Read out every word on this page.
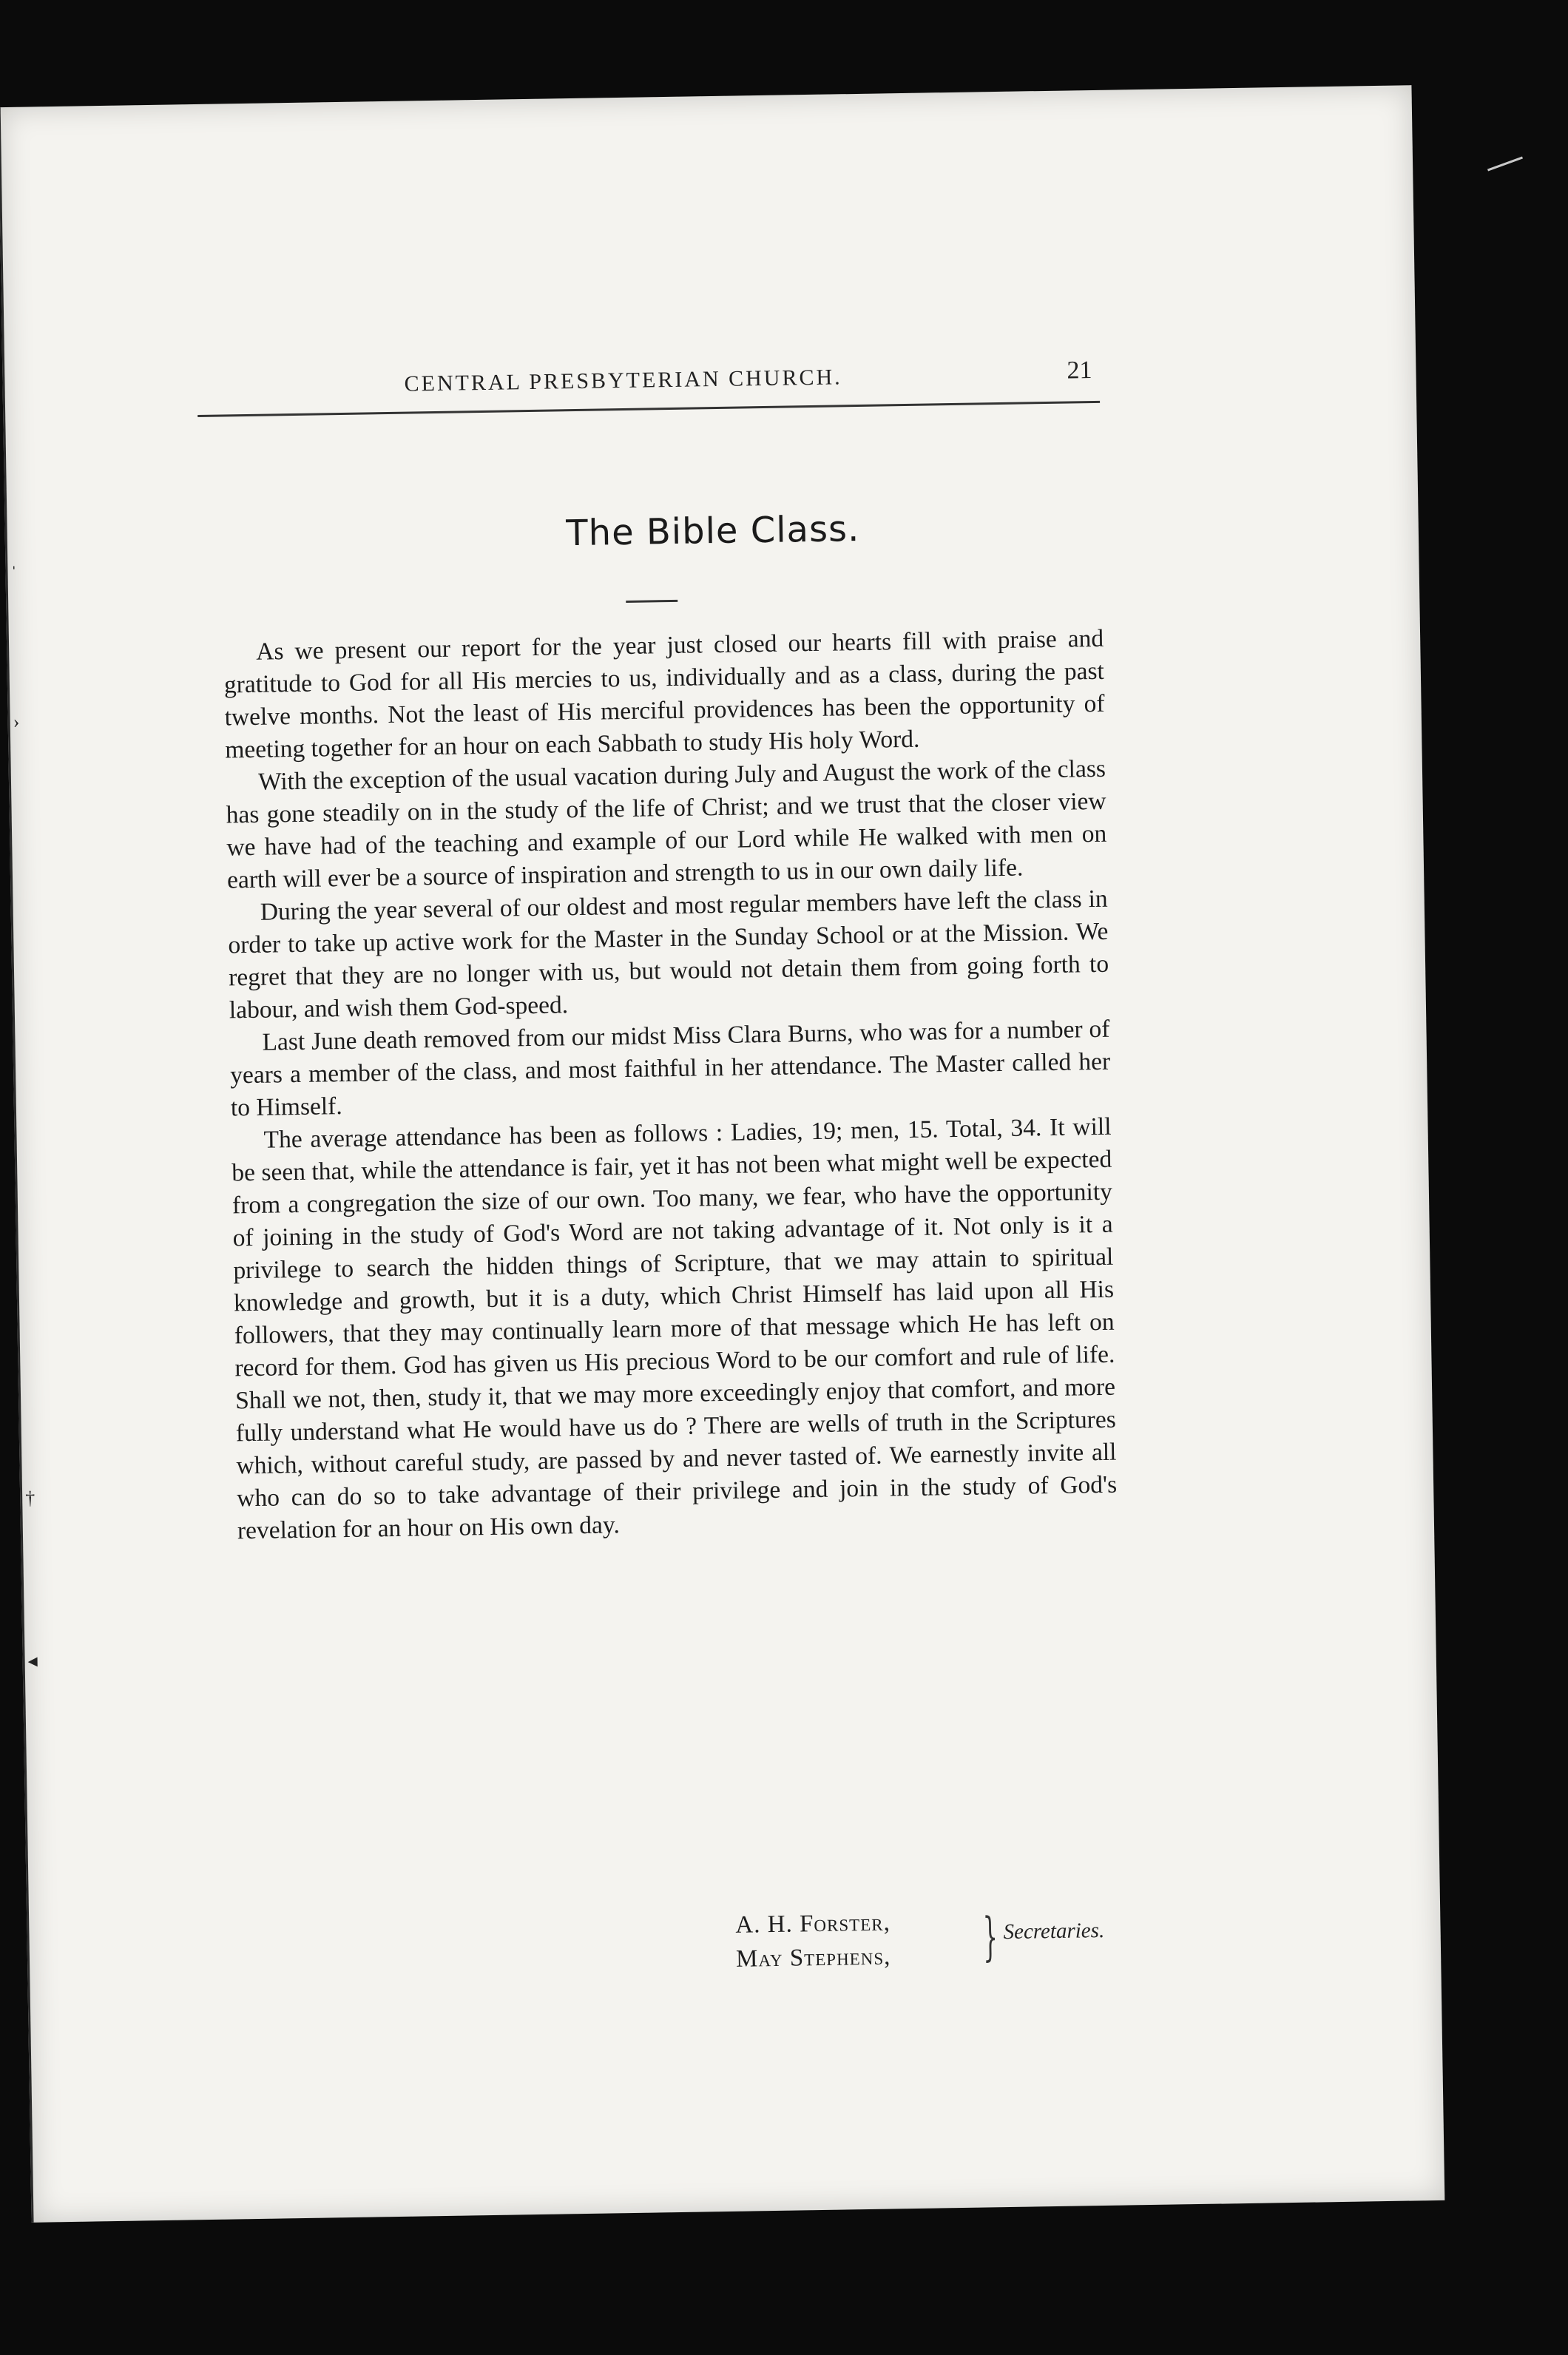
ˌ
›
†
◂
CENTRAL PRESBYTERIAN CHURCH.	21
The Bible Class.

As we present our report for the year just closed our hearts fill with praise and gratitude to God for all His mercies to us, individually and as a class, during the past twelve months. Not the least of His merciful providences has been the opportunity of meeting together for an hour on each Sabbath to study His holy Word.

With the exception of the usual vacation during July and August the work of the class has gone steadily on in the study of the life of Christ; and we trust that the closer view we have had of the teaching and example of our Lord while He walked with men on earth will ever be a source of inspiration and strength to us in our own daily life.

During the year several of our oldest and most regular members have left the class in order to take up active work for the Master in the Sunday School or at the Mission. We regret that they are no longer with us, but would not detain them from going forth to labour, and wish them God-speed.

Last June death removed from our midst Miss Clara Burns, who was for a number of years a member of the class, and most faithful in her attendance. The Master called her to Himself.

The average attendance has been as follows : Ladies, 19; men, 15. Total, 34. It will be seen that, while the attendance is fair, yet it has not been what might well be expected from a congregation the size of our own. Too many, we fear, who have the opportunity of joining in the study of God's Word are not taking advantage of it. Not only is it a privilege to search the hidden things of Scripture, that we may attain to spiritual knowledge and growth, but it is a duty, which Christ Himself has laid upon all His followers, that they may continually learn more of that message which He has left on record for them. God has given us His precious Word to be our comfort and rule of life. Shall we not, then, study it, that we may more exceedingly enjoy that comfort, and more fully understand what He would have us do ? There are wells of truth in the Scriptures which, without careful study, are passed by and never tasted of. We earnestly invite all who can do so to take advantage of their privilege and join in the study of God's revelation for an hour on His own day.

A. H. Forster,
May Stephens, } Secretaries.
